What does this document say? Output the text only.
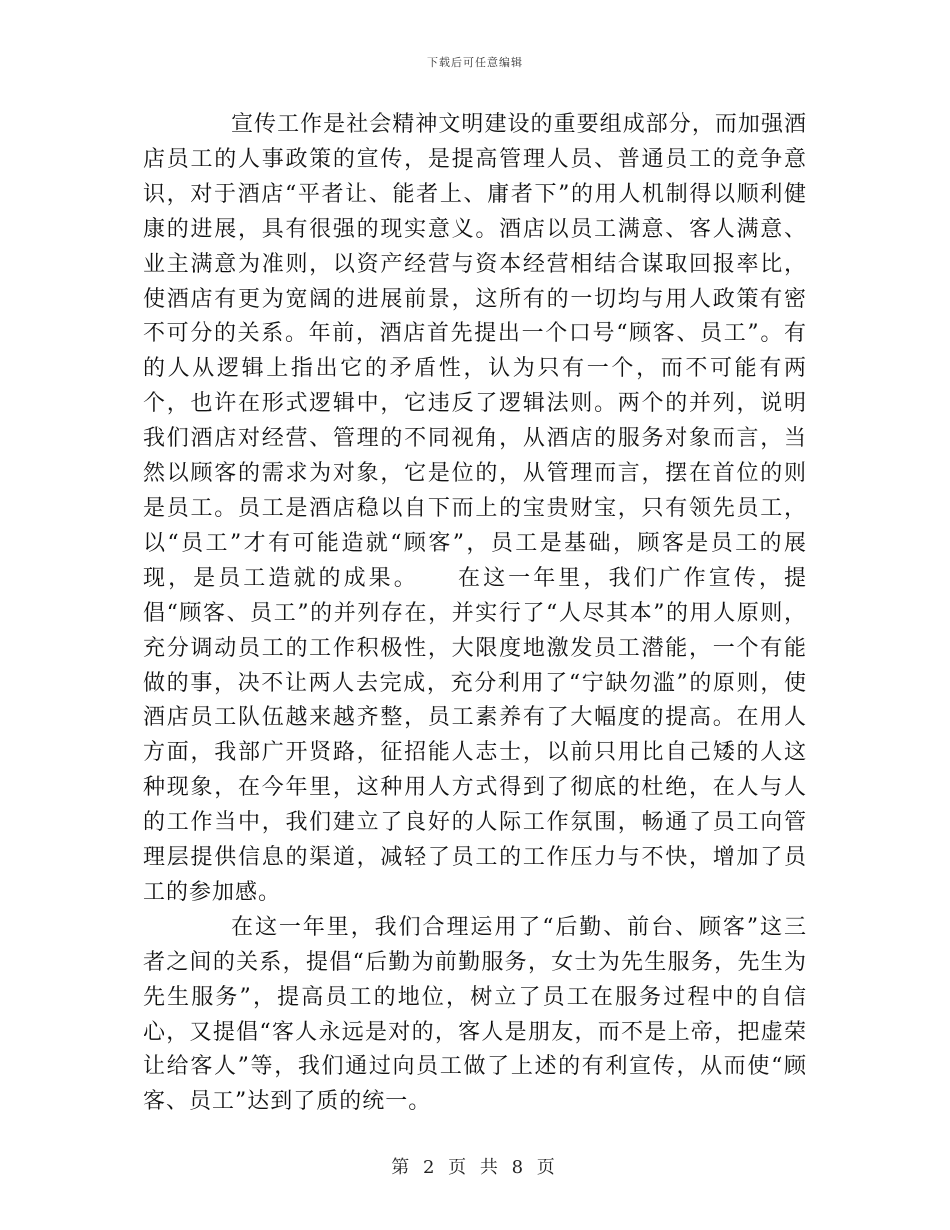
下载后可任意编辑

宣传工作是社会精神文明建设的重要组成部分，而加强酒店员工的人事政策的宣传，是提高管理人员、普通员工的竞争意识，对于酒店“平者让、能者上、庸者下”的用人机制得以顺利健康的进展，具有很强的现实意义。酒店以员工满意、客人满意、业主满意为准则，以资产经营与资本经营相结合谋取回报率比，使酒店有更为宽阔的进展前景，这所有的一切均与用人政策有密不可分的关系。年前，酒店首先提出一个口号“顾客、员工”。有的人从逻辑上指出它的矛盾性，认为只有一个，而不可能有两个，也许在形式逻辑中，它违反了逻辑法则。两个的并列，说明我们酒店对经营、管理的不同视角，从酒店的服务对象而言，当然以顾客的需求为对象，它是位的，从管理而言，摆在首位的则是员工。员工是酒店稳以自下而上的宝贵财宝，只有领先员工，以“员工”才有可能造就“顾客”，员工是基础，顾客是员工的展现，是员工造就的成果。　　在这一年里，我们广作宣传，提倡“顾客、员工”的并列存在，并实行了“人尽其本”的用人原则，充分调动员工的工作积极性，大限度地激发员工潜能，一个有能做的事，决不让两人去完成，充分利用了“宁缺勿滥”的原则，使酒店员工队伍越来越齐整，员工素养有了大幅度的提高。在用人方面，我部广开贤路，征招能人志士，以前只用比自己矮的人这种现象，在今年里，这种用人方式得到了彻底的杜绝，在人与人的工作当中，我们建立了良好的人际工作氛围，畅通了员工向管理层提供信息的渠道，减轻了员工的工作压力与不快，增加了员工的参加感。

在这一年里，我们合理运用了“后勤、前台、顾客”这三者之间的关系，提倡“后勤为前勤服务，女士为先生服务，先生为先生服务”，提高员工的地位，树立了员工在服务过程中的自信心，又提倡“客人永远是对的，客人是朋友，而不是上帝，把虚荣让给客人”等，我们通过向员工做了上述的有利宣传，从而使“顾客、员工”达到了质的统一。

第 2 页 共 8 页
